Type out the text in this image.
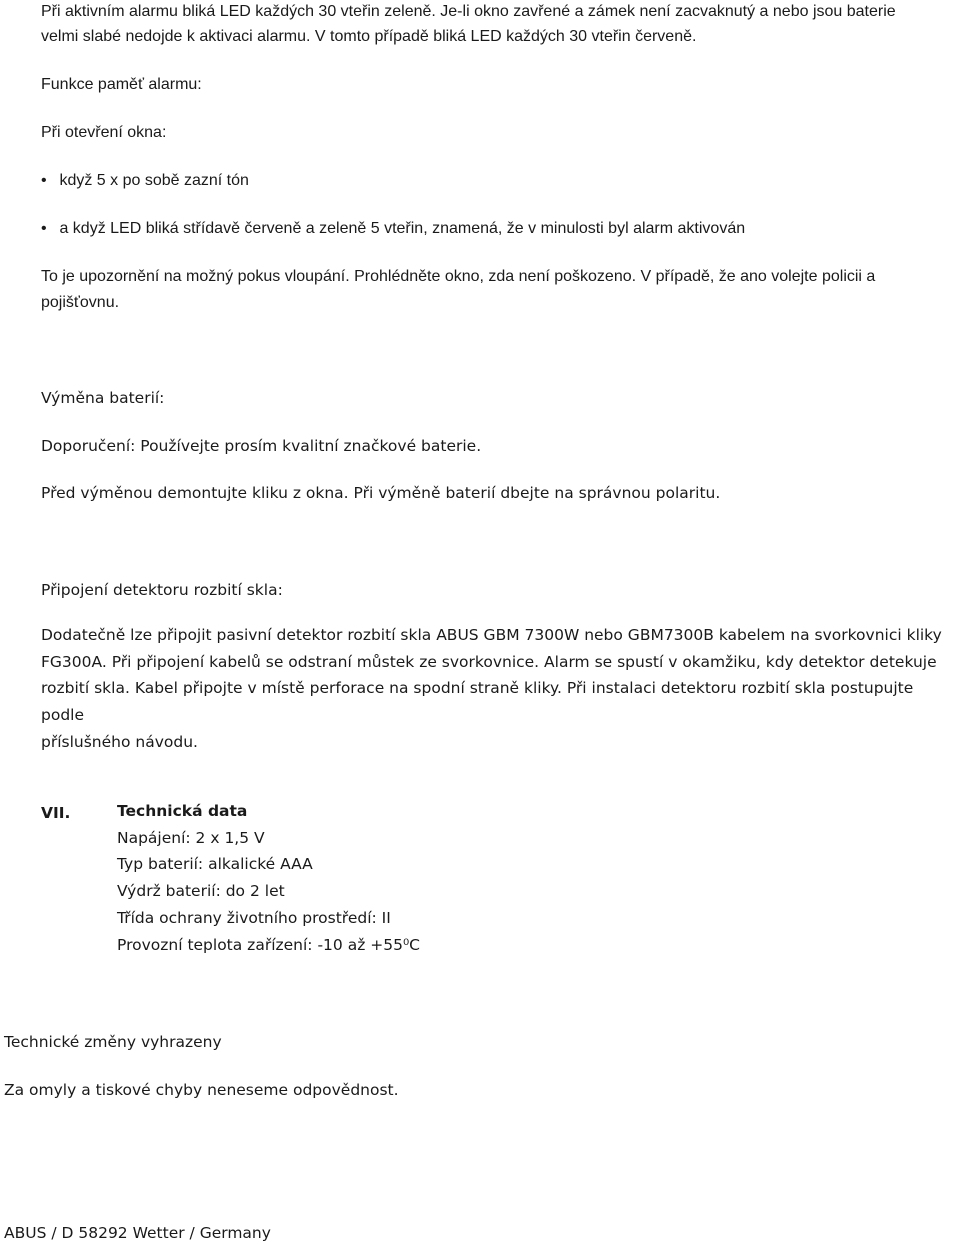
Při aktivním alarmu bliká LED každých 30 vteřin zeleně. Je-li okno zavřené a zámek není zacvaknutý a nebo jsou baterie
velmi slabé nedojde k aktivaci alarmu. V tomto případě bliká LED každých 30 vteřin červeně.
Funkce paměť alarmu:
Při otevření okna:
• když 5 x po sobě zazní tón
• a když LED bliká střídavě červeně a zeleně 5 vteřin, znamená, že v minulosti byl alarm aktivován
To je upozornění na možný pokus vloupání. Prohlédněte okno, zda není poškozeno. V případě, že ano volejte policii a
pojišťovnu.
Výměna baterií:
Doporučení: Používejte prosím kvalitní značkové baterie.
Před výměnou demontujte kliku z okna. Při výměně baterií dbejte na správnou polaritu.
Připojení detektoru rozbití skla:
Dodatečně lze připojit pasivní detektor rozbití skla ABUS GBM 7300W nebo GBM7300B kabelem na svorkovnici kliky
FG300A. Při připojení kabelů se odstraní můstek ze svorkovnice. Alarm se spustí v okamžiku, kdy detektor detekuje
rozbití skla. Kabel připojte v místě perforace na spodní straně kliky. Při instalaci detektoru rozbití skla postupujte podle
příslušného návodu.
VII.	Technická data
Napájení: 2 x 1,5 V
Typ baterií: alkalické AAA
Výdrž baterií: do 2 let
Třída ochrany životního prostředí: II
Provozní teplota zařízení: -10 až +55⁰C
Technické změny vyhrazeny
Za omyly a tiskové chyby neneseme odpovědnost.
ABUS / D 58292 Wetter / Germany
